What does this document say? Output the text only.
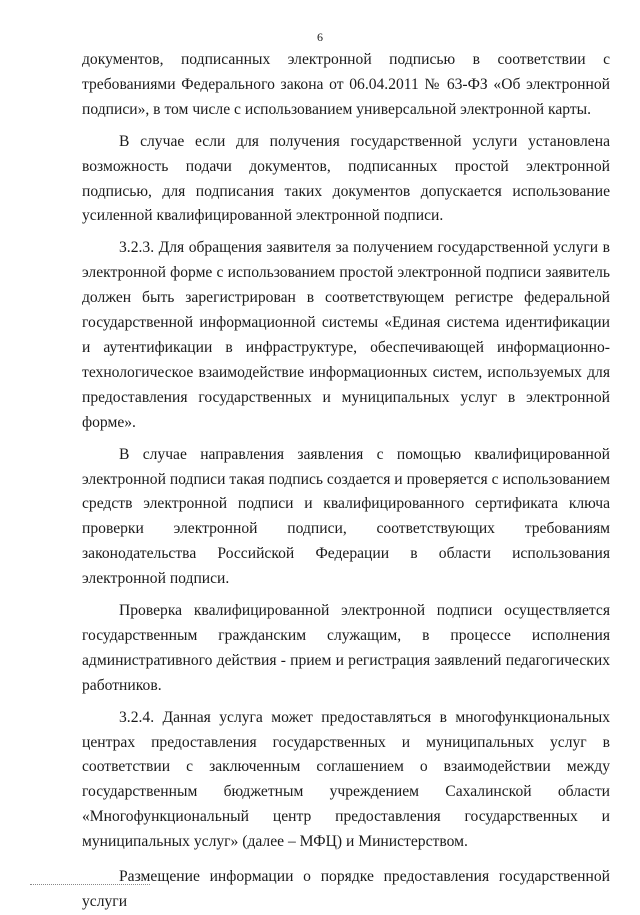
6

документов, подписанных электронной подписью в соответствии с требованиями Федерального закона от 06.04.2011 № 63-ФЗ «Об электронной подписи», в том числе с использованием универсальной электронной карты.

В случае если для получения государственной услуги установлена возможность подачи документов, подписанных простой электронной подписью, для подписания таких документов допускается использование усиленной квалифицированной электронной подписи.

3.2.3. Для обращения заявителя за получением государственной услуги в электронной форме с использованием простой электронной подписи заявитель должен быть зарегистрирован в соответствующем регистре федеральной государственной информационной системы «Единая система идентификации и аутентификации в инфраструктуре, обеспечивающей информационно-технологическое взаимодействие информационных систем, используемых для предоставления государственных и муниципальных услуг в электронной форме».

В случае направления заявления с помощью квалифицированной электронной подписи такая подпись создается и проверяется с использованием средств электронной подписи и квалифицированного сертификата ключа проверки электронной подписи, соответствующих требованиям законодательства Российской Федерации в области использования электронной подписи.

Проверка квалифицированной электронной подписи осуществляется государственным гражданским служащим, в процессе исполнения административного действия - прием и регистрация заявлений педагогических работников.

3.2.4. Данная услуга может предоставляться в многофункциональных центрах предоставления государственных и муниципальных услуг в соответствии с заключенным соглашением о взаимодействии между государственным бюджетным учреждением Сахалинской области «Многофункциональный центр предоставления государственных и муниципальных услуг» (далее – МФЦ) и Министерством.

Размещение информации о порядке предоставления государственной услуги
